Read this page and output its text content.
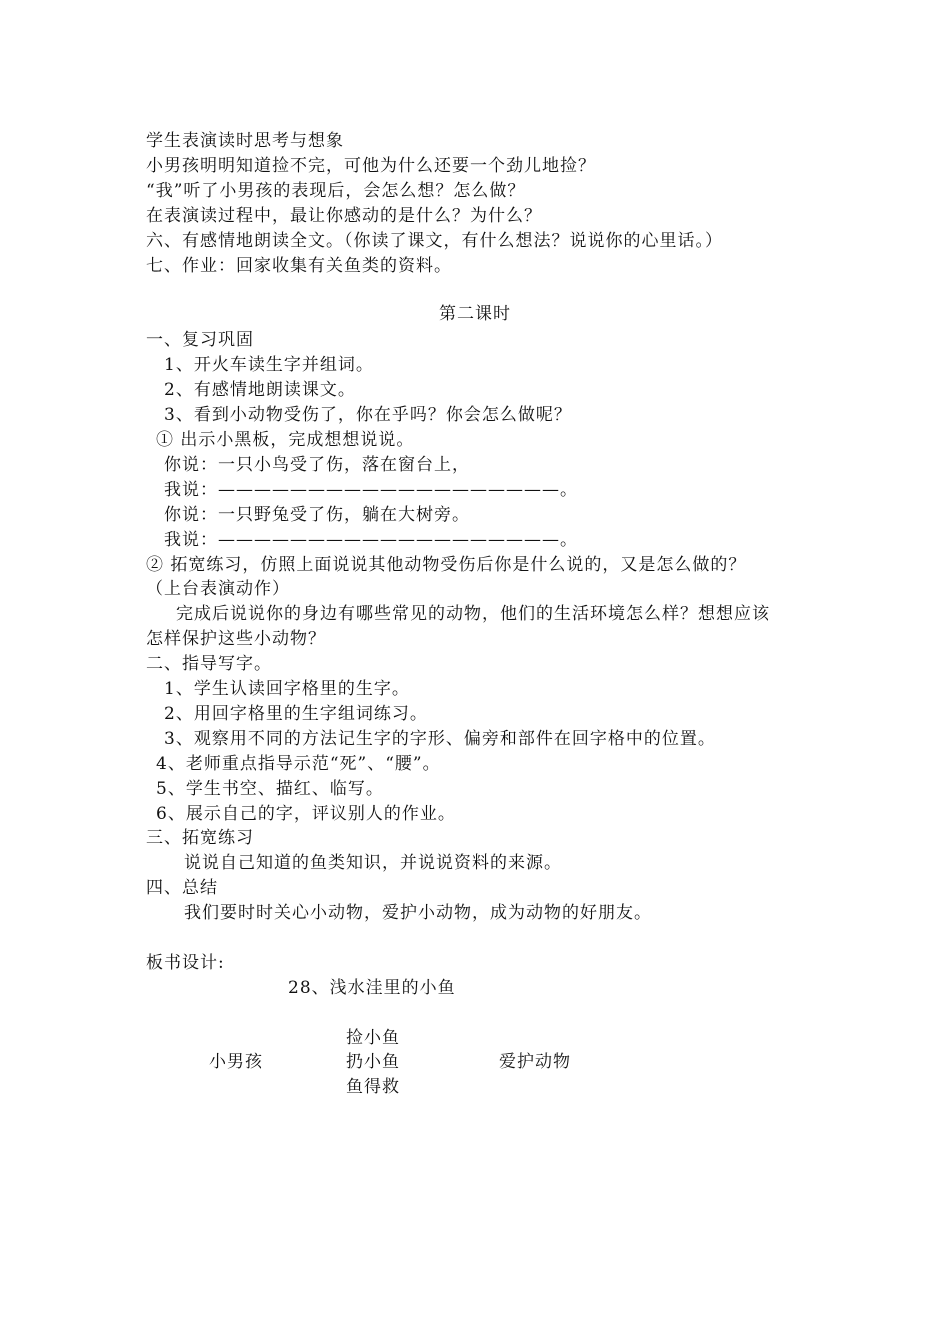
学生表演读时思考与想象
小男孩明明知道捡不完，可他为什么还要一个劲儿地捡？
“我”听了小男孩的表现后，会怎么想？怎么做？
在表演读过程中，最让你感动的是什么？为什么？
六、有感情地朗读全文。（你读了课文，有什么想法？说说你的心里话。）
七、作业：回家收集有关鱼类的资料。
第二课时
一、复习巩固
1、开火车读生字并组词。
2、有感情地朗读课文。
3、看到小动物受伤了，你在乎吗？你会怎么做呢？
① 出示小黑板，完成想想说说。
你说：一只小鸟受了伤，落在窗台上，
我说：———————————————————。
你说：一只野兔受了伤，躺在大树旁。
我说：———————————————————。
② 拓宽练习，仿照上面说说其他动物受伤后你是什么说的，又是怎么做的？
（上台表演动作）
完成后说说你的身边有哪些常见的动物，他们的生活环境怎么样？想想应该
怎样保护这些小动物？
二、指导写字。
1、学生认读回字格里的生字。
2、用回字格里的生字组词练习。
3、观察用不同的方法记生字的字形、偏旁和部件在回字格中的位置。
4、老师重点指导示范“死”、“腰”。
5、学生书空、描红、临写。
6、展示自己的字，评议别人的作业。
三、拓宽练习
说说自己知道的鱼类知识，并说说资料的来源。
四、总结
我们要时时关心小动物，爱护小动物，成为动物的好朋友。
板书设计:
28、浅水洼里的小鱼
捡小鱼
小男孩	扔小鱼	爱护动物
鱼得救
